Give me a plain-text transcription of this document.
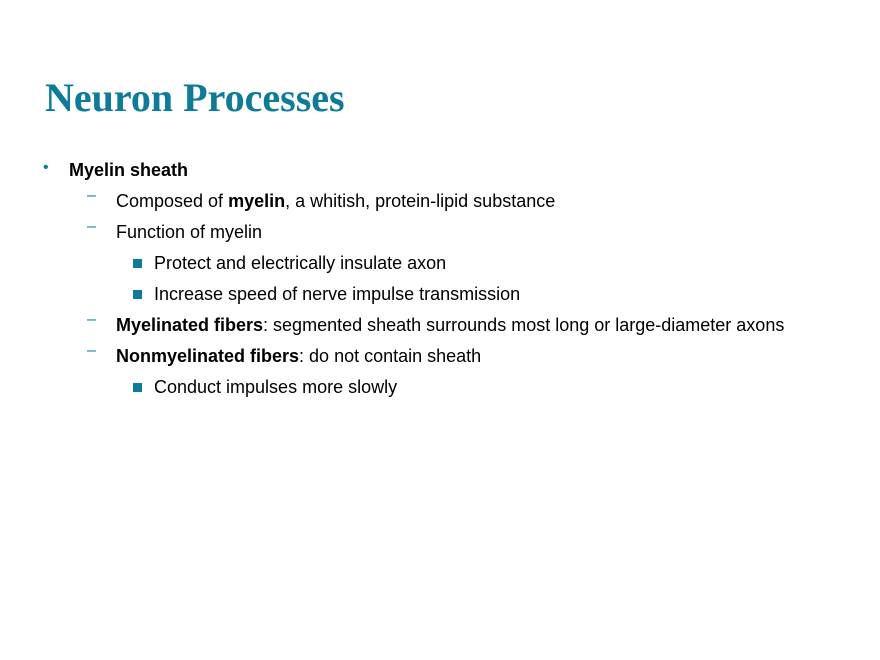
Neuron Processes
• Myelin sheath
– Composed of myelin, a whitish, protein-lipid substance
– Function of myelin
Protect and electrically insulate axon
Increase speed of nerve impulse transmission
– Myelinated fibers: segmented sheath surrounds most long or large-diameter axons
– Nonmyelinated fibers: do not contain sheath
Conduct impulses more slowly
